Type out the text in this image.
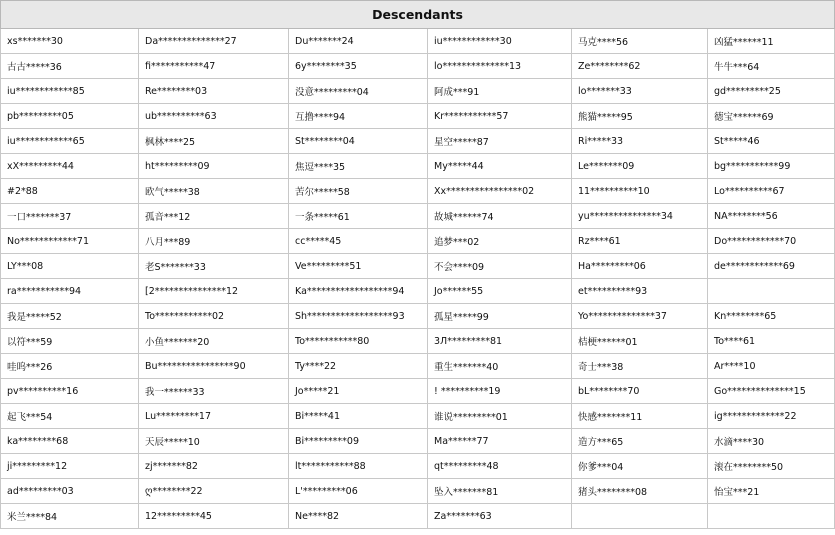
Descendants					
xs*******30	Da**************27	Du*******24	iu************30	马克****56	凶猛******11
古古*****36	fi***********47	6y********35	lo**************13	Ze********62	牛牛***64
iu************85	Re********03	没意*********04	阿成***91	lo*******33	gd*********25
pb*********05	ub**********63	互撸****94	Kr***********57	熊猫*****95	德宝******69
iu************65	枫林****25	St********04	星空*****87	Ri*****33	St*****46
xX*********44	ht*********09	焦逗****35	My*****44	Le*******09	bg***********99
#2*88	欧气*****38	苦尔*****58	Xx****************02	11**********10	Lo**********67
一口*******37	孤音***12	一条*****61	故城******74	yu***************34	NA********56
No************71	八月***89	cc*****45	追梦***02	Rz****61	Do************70
LY***08	老S*******33	Ve*********51	不会****09	Ha*********06	de************69
ra***********94	[2***************12	Ka******************94	Jo******55	et**********93	
我是*****52	To************02	Sh******************93	孤星*****99	Yo**************37	Kn********65
以符***59	小鱼*******20	To***********80	3Л*********81	桔梗******01	To****61
哇呜***26	Bu****************90	Ty****22	重生*******40	奇士***38	Ar****10
pv**********16	我一******33	Jo*****21	! **********19	bL********70	Go**************15
起飞***54	Lu*********17	Bi*****41	谁说*********01	快感*******11	ig*************22
ka********68	天辰*****10	Bi*********09	Ma******77	造方***65	水滴****30
ji*********12	zj*******82	lt***********88	qt*********48	你爹***04	滚在********50
ad*********03	ღ********22	L'*********06	坠入*******81	猪头********08	怡宝***21
米兰****84	12*********45	Ne****82	Za*******63		
